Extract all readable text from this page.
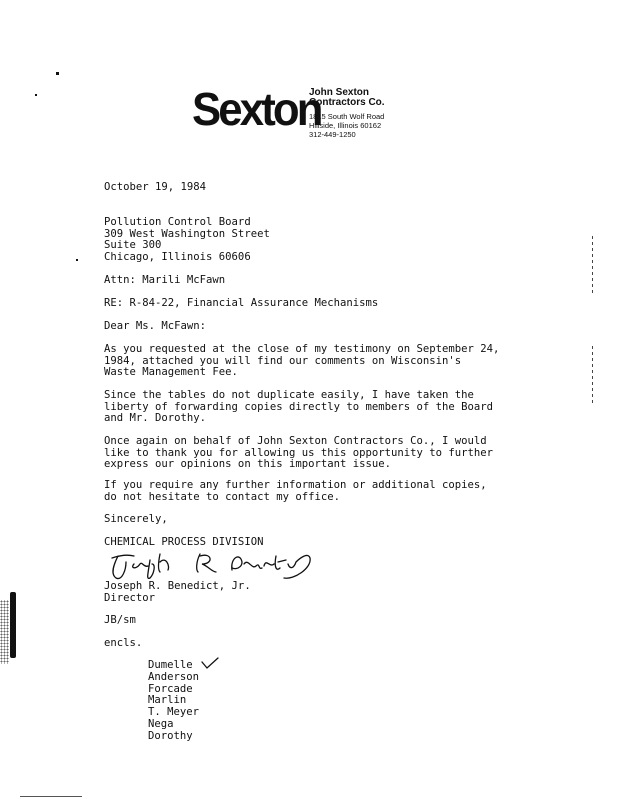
Sexton
John Sexton
Contractors Co.
1815 South Wolf Road
Hillside, Illinois 60162
312-449-1250
October 19, 1984
Pollution Control Board
309 West Washington Street
Suite 300
Chicago, Illinois 60606
Attn: Marili McFawn
RE: R-84-22, Financial Assurance Mechanisms
Dear Ms. McFawn:
As you requested at the close of my testimony on September 24,
1984, attached you will find our comments on Wisconsin's
Waste Management Fee.
Since the tables do not duplicate easily, I have taken the
liberty of forwarding copies directly to members of the Board
and Mr. Dorothy.
Once again on behalf of John Sexton Contractors Co., I would
like to thank you for allowing us this opportunity to further
express our opinions on this important issue.
If you require any further information or additional copies,
do not hesitate to contact my office.
Sincerely,
CHEMICAL PROCESS DIVISION
Joseph R. Benedict, Jr.
Director
JB/sm
encls.
Dumelle
Anderson
Forcade
Marlin
T. Meyer
Nega
Dorothy
